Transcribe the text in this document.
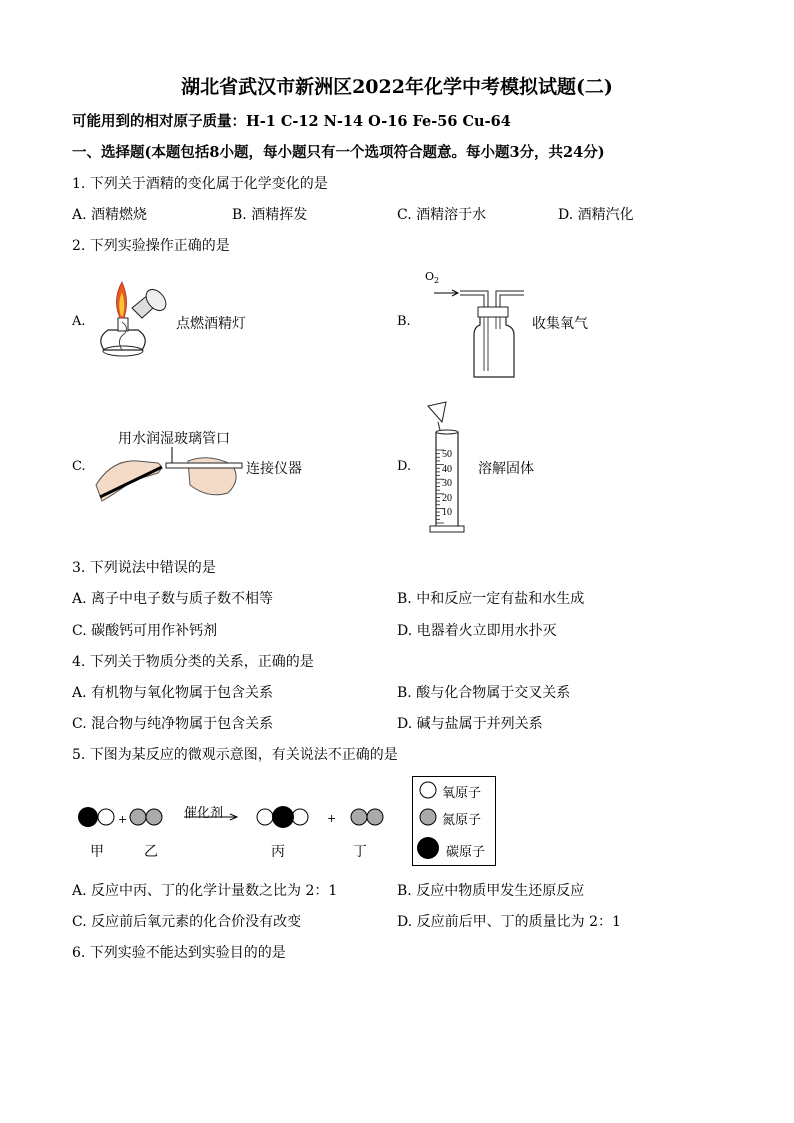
湖北省武汉市新洲区2022年化学中考模拟试题(二)
可能用到的相对原子质量：H-1 C-12 N-14 O-16 Fe-56 Cu-64
一、选择题(本题包括8小题，每小题只有一个选项符合题意。每小题3分，共24分)
1. 下列关于酒精的变化属于化学变化的是
A. 酒精燃烧	B. 酒精挥发	C. 酒精溶于水	D. 酒精汽化
2. 下列实验操作正确的是
A.	点燃酒精灯	B.
$O_2$
收集氧气
用水润湿玻璃管口
C.	连接仪器	D.
50
40
30
20
10
溶解固体
3. 下列说法中错误的是
A. 离子中电子数与质子数不相等	B. 中和反应一定有盐和水生成
C. 碳酸钙可用作补钙剂	D. 电器着火立即用水扑灭
4. 下列关于物质分类的关系，正确的是
A. 有机物与氧化物属于包含关系	B. 酸与化合物属于交叉关系
C. 混合物与纯净物属于包含关系	D. 碱与盐属于并列关系
5. 下图为某反应的微观示意图，有关说法不正确的是
+	+
催化剂
甲	乙	丙	丁
氧原子
氮原子
碳原子
A. 反应中丙、丁的化学计量数之比为 2：1	B. 反应中物质甲发生还原反应
C. 反应前后氧元素的化合价没有改变	D. 反应前后甲、丁的质量比为 2：1
6. 下列实验不能达到实验目的的是
